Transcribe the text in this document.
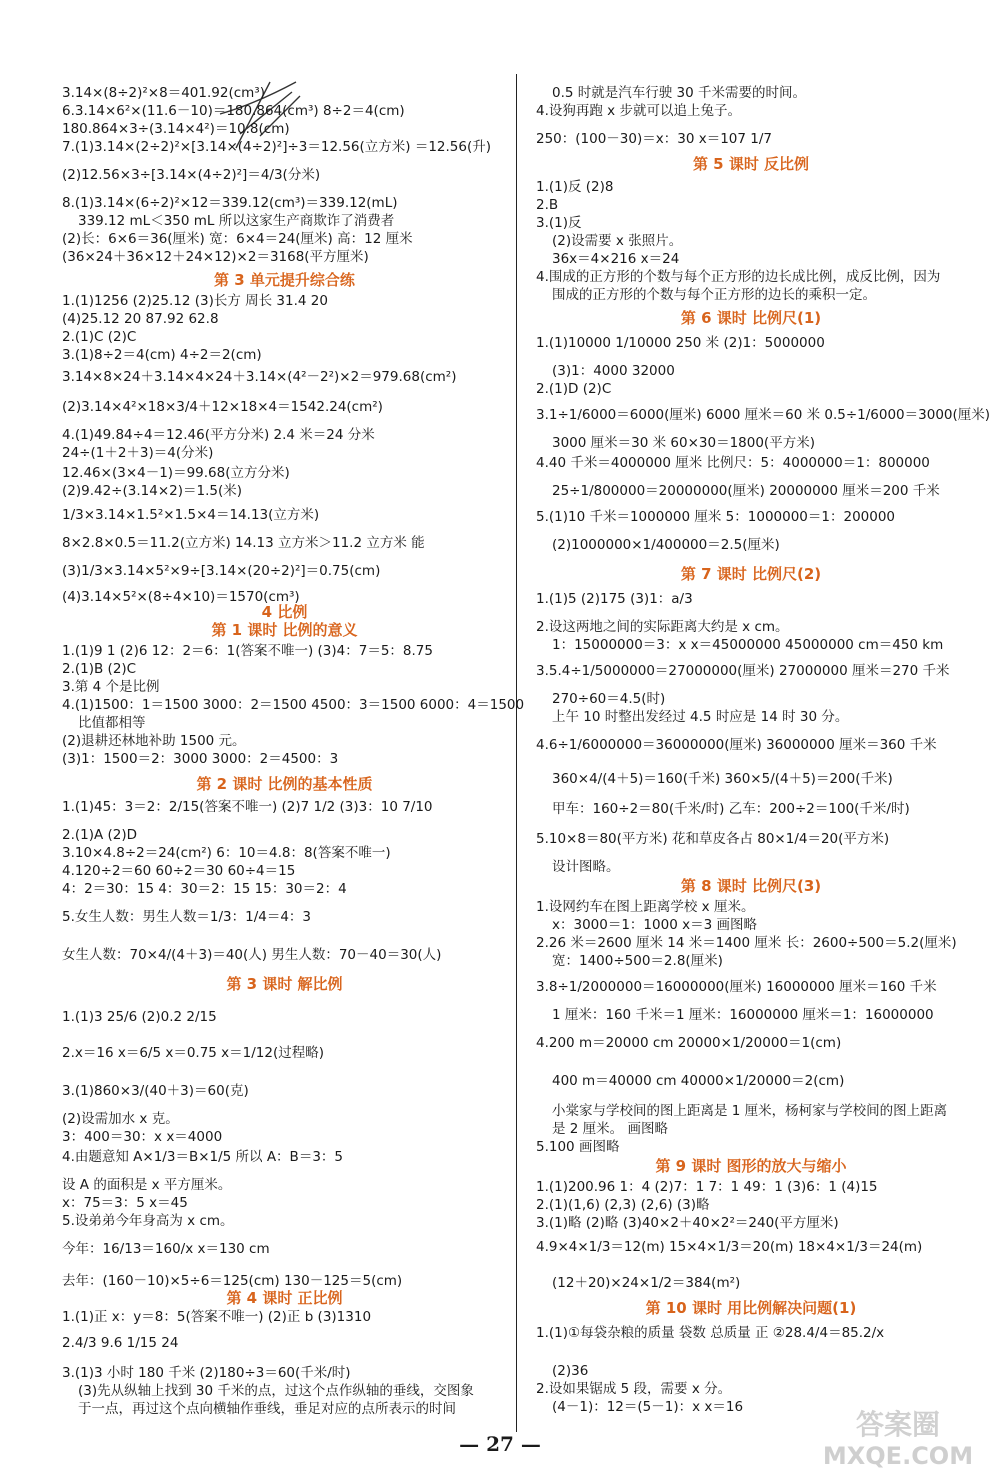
3.14×(8÷2)²×8＝401.92(cm³)
6.3.14×6²×(11.6－10)＝180.864(cm³) 8÷2＝4(cm)
180.864×3÷(3.14×4²)＝10.8(cm)
7.(1)3.14×(2÷2)²×[3.14×(4÷2)²]÷3＝12.56(立方米) ＝12.56(升)
(2)12.56×3÷[3.14×(4÷2)²]＝4/3(分米)
8.(1)3.14×(6÷2)²×12＝339.12(cm³)＝339.12(mL)
339.12 mL＜350 mL 所以这家生产商欺诈了消费者
(2)长：6×6＝36(厘米) 宽：6×4＝24(厘米) 高：12 厘米
(36×24＋36×12＋24×12)×2＝3168(平方厘米)
1.(1)1256 (2)25.12 (3)长方 周长 31.4 20
(4)25.12 20 87.92 62.8
2.(1)C (2)C
3.(1)8÷2＝4(cm) 4÷2＝2(cm)
3.14×8×24＋3.14×4×24＋3.14×(4²－2²)×2＝979.68(cm²)
(2)3.14×4²×18×3/4＋12×18×4＝1542.24(cm²)
4.(1)49.84÷4＝12.46(平方分米) 2.4 米＝24 分米
24÷(1＋2＋3)＝4(分米)
12.46×(3×4－1)＝99.68(立方分米)
(2)9.42÷(3.14×2)＝1.5(米)
1/3×3.14×1.5²×1.5×4＝14.13(立方米)
8×2.8×0.5＝11.2(立方米) 14.13 立方米＞11.2 立方米 能
(3)1/3×3.14×5²×9÷[3.14×(20÷2)²]＝0.75(cm)
(4)3.14×5²×(8÷4×10)＝1570(cm³)
1.(1)9 1 (2)6 12：2＝6：1(答案不唯一) (3)4：7＝5：8.75
2.(1)B (2)C
3.第 4 个是比例
4.(1)1500：1＝1500 3000：2＝1500 4500：3＝1500 6000：4＝1500
比值都相等
(2)退耕还林地补助 1500 元。
(3)1：1500＝2：3000 3000：2＝4500：3
1.(1)45：3＝2：2/15(答案不唯一) (2)7 1/2 (3)3：10 7/10
2.(1)A (2)D
3.10×4.8÷2＝24(cm²) 6：10＝4.8：8(答案不唯一)
4.120÷2＝60 60÷2＝30 60÷4＝15
4：2＝30：15 4：30＝2：15 15：30＝2：4
5.女生人数：男生人数＝1/3：1/4＝4：3
女生人数：70×4/(4＋3)＝40(人) 男生人数：70－40＝30(人)
1.(1)3 25/6 (2)0.2 2/15
2.x＝16 x＝6/5 x＝0.75 x＝1/12(过程略)
3.(1)860×3/(40＋3)＝60(克)
(2)设需加水 x 克。
3：400＝30：x x＝4000
4.由题意知 A×1/3＝B×1/5 所以 A：B＝3：5
设 A 的面积是 x 平方厘米。
x：75＝3：5 x＝45
5.设弟弟今年身高为 x cm。
今年：16/13＝160/x x＝130 cm
去年：(160－10)×5÷6＝125(cm) 130－125＝5(cm)
1.(1)正 x：y＝8：5(答案不唯一) (2)正 b (3)1310
2.4/3 9.6 1/15 24
3.(1)3 小时 180 千米 (2)180÷3＝60(千米/时)
(3)先从纵轴上找到 30 千米的点，过这个点作纵轴的垂线，交图象
于一点，再过这个点向横轴作垂线，垂足对应的点所表示的时间
第 3 单元提升综合练
4 比例
第 1 课时 比例的意义
第 2 课时 比例的基本性质
第 3 课时 解比例
第 4 课时 正比例
0.5 时就是汽车行驶 30 千米需要的时间。
4.设狗再跑 x 步就可以追上兔子。
250：(100－30)＝x：30 x＝107 1/7
1.(1)反 (2)8
2.B
3.(1)反
(2)设需要 x 张照片。
36x＝4×216 x＝24
4.围成的正方形的个数与每个正方形的边长成比例，成反比例，因为
围成的正方形的个数与每个正方形的边长的乘积一定。
1.(1)10000 1/10000 250 米 (2)1：5000000
(3)1：4000 32000
2.(1)D (2)C
3.1÷1/6000＝6000(厘米) 6000 厘米＝60 米 0.5÷1/6000＝3000(厘米)
3000 厘米＝30 米 60×30＝1800(平方米)
4.40 千米＝4000000 厘米 比例尺：5：4000000＝1：800000
25÷1/800000＝20000000(厘米) 20000000 厘米＝200 千米
5.(1)10 千米＝1000000 厘米 5：1000000＝1：200000
(2)1000000×1/400000＝2.5(厘米)
1.(1)5 (2)175 (3)1：a/3
2.设这两地之间的实际距离大约是 x cm。
1：15000000＝3：x x＝45000000 45000000 cm＝450 km
3.5.4÷1/5000000＝27000000(厘米) 27000000 厘米＝270 千米
270÷60＝4.5(时)
上午 10 时整出发经过 4.5 时应是 14 时 30 分。
4.6÷1/6000000＝36000000(厘米) 36000000 厘米＝360 千米
360×4/(4＋5)＝160(千米) 360×5/(4＋5)＝200(千米)
甲车：160÷2＝80(千米/时) 乙车：200÷2＝100(千米/时)
5.10×8＝80(平方米) 花和草皮各占 80×1/4＝20(平方米)
设计图略。
1.设网约车在图上距离学校 x 厘米。
x：3000＝1：1000 x＝3 画图略
2.26 米＝2600 厘米 14 米＝1400 厘米 长：2600÷500＝5.2(厘米)
宽：1400÷500＝2.8(厘米)
3.8÷1/2000000＝16000000(厘米) 16000000 厘米＝160 千米
1 厘米：160 千米＝1 厘米：16000000 厘米＝1：16000000
4.200 m＝20000 cm 20000×1/20000＝1(cm)
400 m＝40000 cm 40000×1/20000＝2(cm)
小棠家与学校间的图上距离是 1 厘米，杨柯家与学校间的图上距离
是 2 厘米。 画图略
5.100 画图略
1.(1)200.96 1：4 (2)7：1 7：1 49：1 (3)6：1 (4)15
2.(1)(1,6) (2,3) (2,6) (3)略
3.(1)略 (2)略 (3)40×2＋40×2²＝240(平方厘米)
4.9×4×1/3＝12(m) 15×4×1/3＝20(m) 18×4×1/3＝24(m)
(12＋20)×24×1/2＝384(m²)
1.(1)①每袋杂粮的质量 袋数 总质量 正 ②28.4/4＝85.2/x
(2)36
2.设如果锯成 5 段，需要 x 分。
(4－1)：12＝(5－1)：x x＝16
第 5 课时 反比例
第 6 课时 比例尺(1)
第 7 课时 比例尺(2)
第 8 课时 比例尺(3)
第 9 课时 图形的放大与缩小
第 10 课时 用比例解决问题(1)
— 27 —
答案圈
MXQE.COM
